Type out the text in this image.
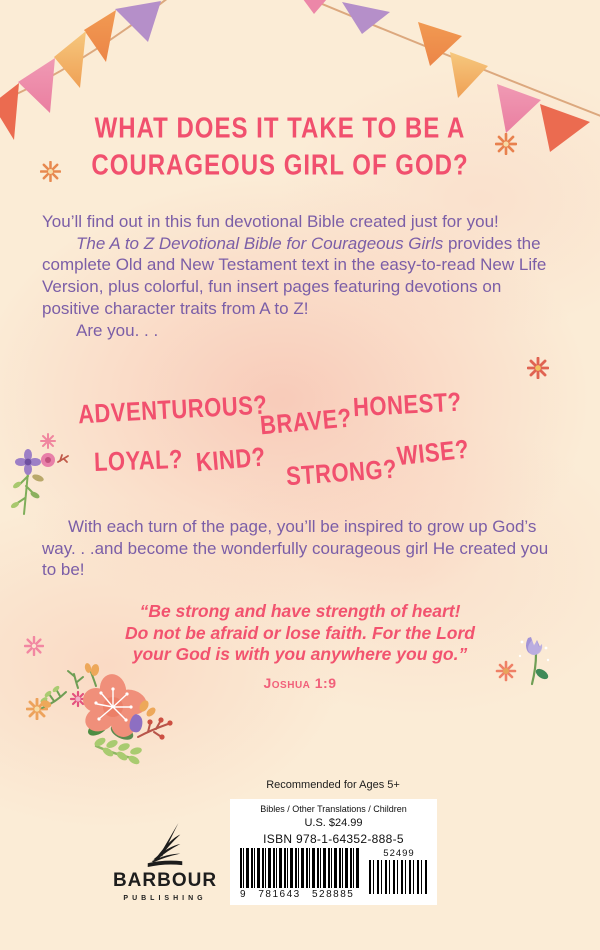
WHAT DOES IT TAKE TO BE A
COURAGEOUS GIRL OF GOD?

You’ll find out in this fun devotional Bible created just for you!

The A to Z Devotional Bible for Courageous Girls provides the complete Old and New Testament text in the easy-to-read New Life Version, plus colorful, fun insert pages featuring devotions on positive character traits from A to Z!

Are you. . .

ADVENTUROUS?
BRAVE? HONEST?
LOYAL? KIND? STRONG?
WISE?

With each turn of the page, you’ll be inspired to grow up God’s way. . .and become the wonderfully courageous girl He created you to be!

“Be strong and have strength of heart!
Do not be afraid or lose faith. For the Lord
your God is with you anywhere you go.”
Joshua 1:9
Recommended for Ages 5+
Bibles / Other Translations / Children
U.S. $24.99
ISBN 978-1-64352-888-5
9 781643 528885
52499
BARBOUR
PUBLISHING
